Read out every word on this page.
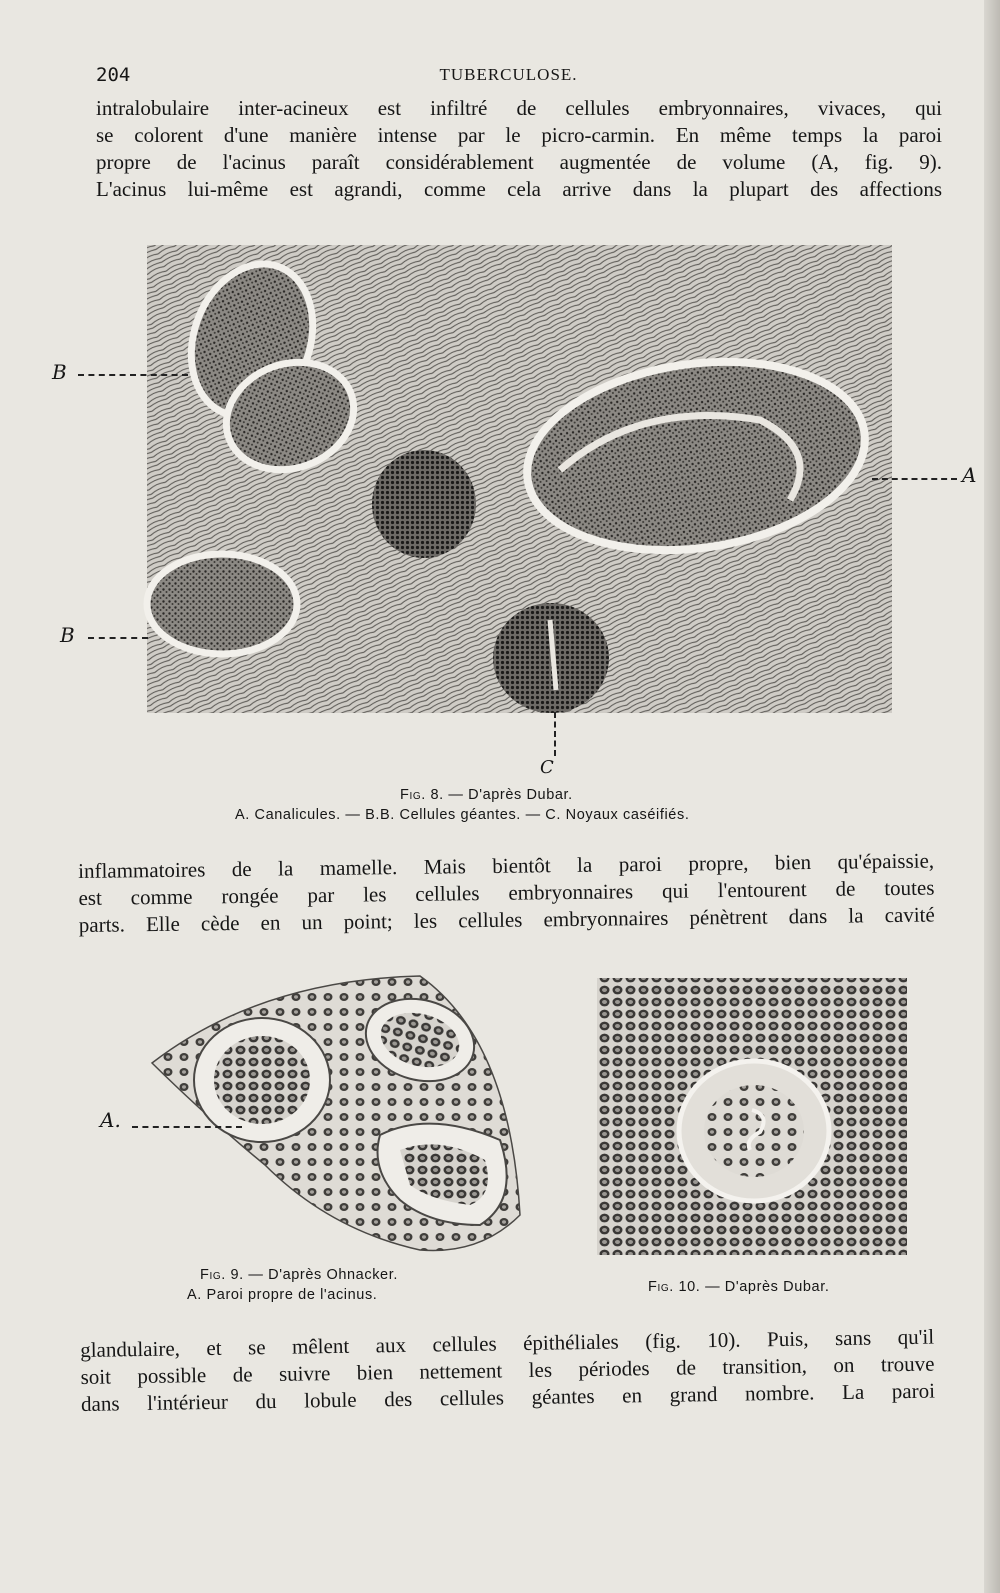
204	TUBERCULOSE.

intralobulaire inter-acineux est infiltré de cellules embryonnaires, vivaces, qui
se colorent d'une manière intense par le picro-carmin. En même temps la paroi
propre de l'acinus paraît considérablement augmentée de volume (A, fig. 9).
L'acinus lui-même est agrandi, comme cela arrive dans la plupart des affections

B
B
A
C

Fig. 8. — D'après Dubar.

A. Canalicules. — B.B. Cellules géantes. — C. Noyaux caséifiés.

inflammatoires de la mamelle. Mais bientôt la paroi propre, bien qu'épaissie,
est comme rongée par les cellules embryonnaires qui l'entourent de toutes
parts. Elle cède en un point; les cellules embryonnaires pénètrent dans la cavité

A.

Fig. 9. — D'après Ohnacker.

A. Paroi propre de l'acinus.	Fig. 10. — D'après Dubar.

glandulaire, et se mêlent aux cellules épithéliales (fig. 10). Puis, sans qu'il
soit possible de suivre bien nettement les périodes de transition, on trouve
dans l'intérieur du lobule des cellules géantes en grand nombre. La paroi
